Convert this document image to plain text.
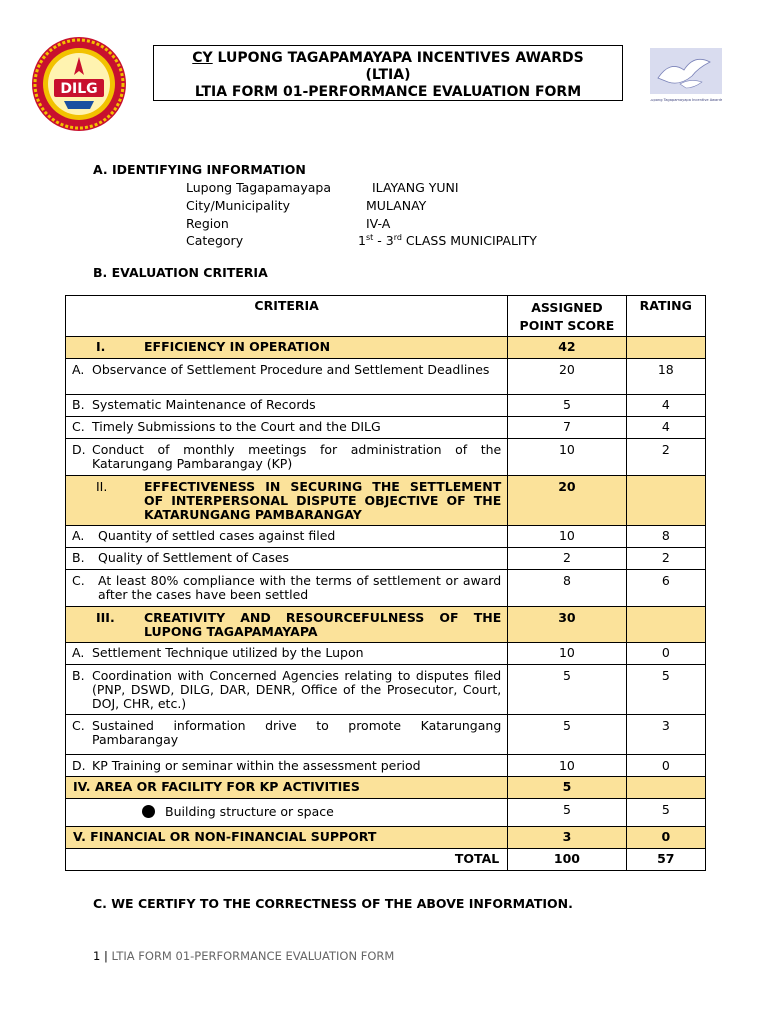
DILG
CY LUPONG TAGAPAMAYAPA INCENTIVES AWARDS
(LTIA)
LTIA FORM 01-PERFORMANCE EVALUATION FORM	Lupong Tagapamayapa Incentive Awards
A. IDENTIFYING INFORMATION
Lupong Tagapamayapa	ILAYANG YUNI
City/Municipality	MULANAY
Region	IV-A
Category	1st - 3rd CLASS MUNICIPALITY
B. EVALUATION CRITERIA
CRITERIA	ASSIGNED POINT SCORE	RATING

I. EFFICIENCY IN OPERATION	42	

A. Observance of Settlement Procedure and Settlement Deadlines	20	18

B. Systematic Maintenance of Records	5	4

C. Timely Submissions to the Court and the DILG	7	4

D. Conduct of monthly meetings for administration of the Katarungang Pambarangay (KP)	10	2

II. EFFECTIVENESS IN SECURING THE SETTLEMENT OF INTERPERSONAL DISPUTE OBJECTIVE OF THE KATARUNGANG PAMBARANGAY	20	

A. Quantity of settled cases against filed	10	8

B. Quality of Settlement of Cases	2	2

C. At least 80% compliance with the terms of settlement or award after the cases have been settled	8	6

III. CREATIVITY AND RESOURCEFULNESS OF THE LUPONG TAGAPAMAYAPA	30	

A. Settlement Technique utilized by the Lupon	10	0

B. Coordination with Concerned Agencies relating to disputes filed (PNP, DSWD, DILG, DAR, DENR, Office of the Prosecutor, Court, DOJ, CHR, etc.)	5	5

C. Sustained information drive to promote Katarungang Pambarangay	5	3

D. KP Training or seminar within the assessment period	10	0
IV. AREA OR FACILITY FOR KP ACTIVITIES	5	
Building structure or space	5	5
V. FINANCIAL OR NON-FINANCIAL SUPPORT	3	0
TOTAL	100	57
C. WE CERTIFY TO THE CORRECTNESS OF THE ABOVE INFORMATION.
1 | LTIA FORM 01-PERFORMANCE EVALUATION FORM
